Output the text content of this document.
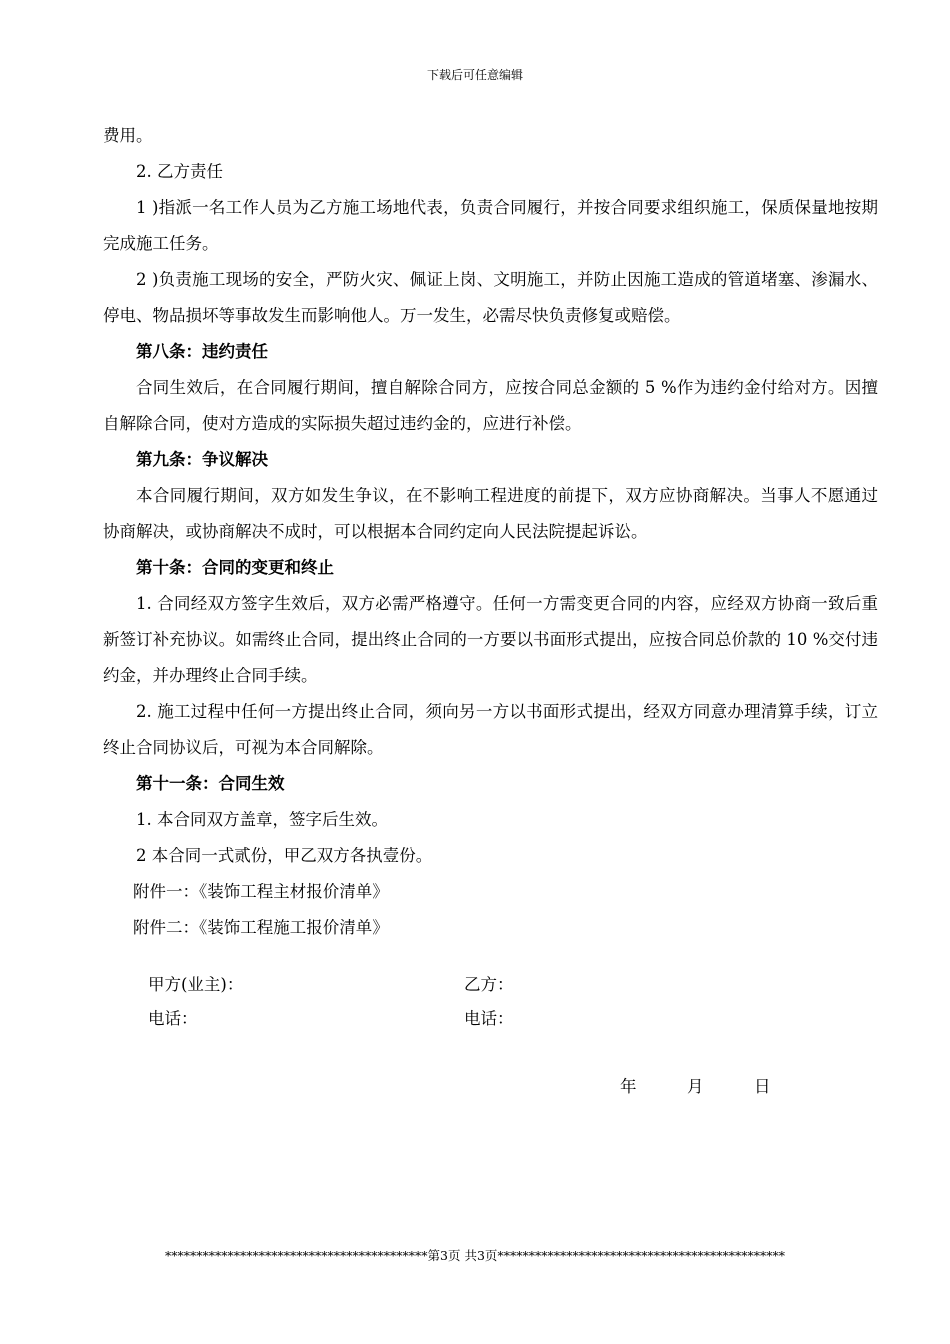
下载后可任意编辑

费用。

2. 乙方责任

1 )指派一名工作人员为乙方施工场地代表，负责合同履行，并按合同要求组织施工，保质保量地按期完成施工任务。

2 )负责施工现场的安全，严防火灾、佩证上岗、文明施工，并防止因施工造成的管道堵塞、渗漏水、停电、物品损坏等事故发生而影响他人。万一发生，必需尽快负责修复或赔偿。

第八条：违约责任

合同生效后，在合同履行期间，擅自解除合同方，应按合同总金额的 5 %作为违约金付给对方。因擅自解除合同，使对方造成的实际损失超过违约金的，应进行补偿。

第九条：争议解决

本合同履行期间，双方如发生争议，在不影响工程进度的前提下，双方应协商解决。当事人不愿通过协商解决，或协商解决不成时，可以根据本合同约定向人民法院提起诉讼。

第十条：合同的变更和终止

1. 合同经双方签字生效后，双方必需严格遵守。任何一方需变更合同的内容，应经双方协商一致后重新签订补充协议。如需终止合同，提出终止合同的一方要以书面形式提出，应按合同总价款的 10 %交付违约金，并办理终止合同手续。

2. 施工过程中任何一方提出终止合同，须向另一方以书面形式提出，经双方同意办理清算手续，订立终止合同协议后，可视为本合同解除。

第十一条：合同生效

1. 本合同双方盖章，签字后生效。

2 本合同一式贰份，甲乙双方各执壹份。

附件一：《装饰工程主材报价清单》

附件二：《装饰工程施工报价清单》

甲方(业主)：	乙方：
电话：	电话：
年	月	日
******************************************第3页 共3页**********************************************
